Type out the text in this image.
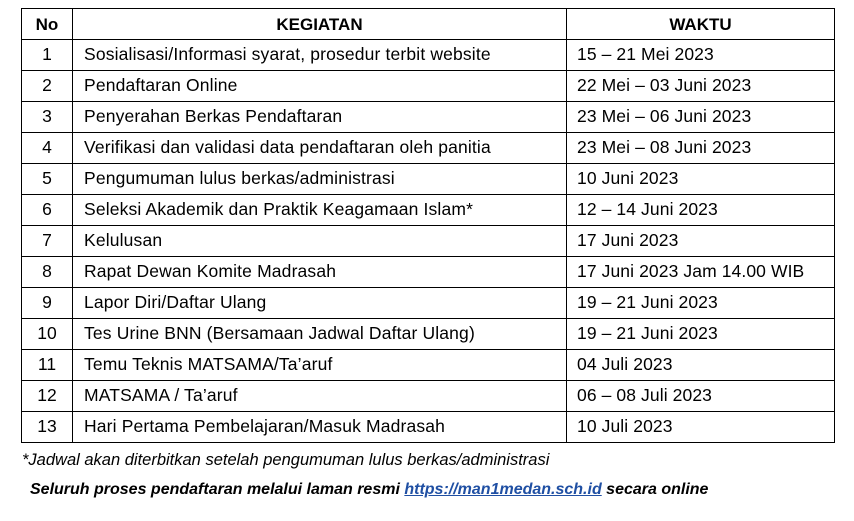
No	KEGIATAN	WAKTU
1	Sosialisasi/Informasi syarat, prosedur terbit website	15 – 21 Mei 2023
2	Pendaftaran Online	22 Mei – 03 Juni 2023
3	Penyerahan Berkas Pendaftaran	23 Mei – 06 Juni 2023
4	Verifikasi dan validasi data pendaftaran oleh panitia	23 Mei – 08 Juni 2023
5	Pengumuman lulus berkas/administrasi	10 Juni 2023
6	Seleksi Akademik dan Praktik Keagamaan Islam*	12 – 14 Juni 2023
7	Kelulusan	17 Juni 2023
8	Rapat Dewan Komite Madrasah	17 Juni 2023 Jam 14.00 WIB
9	Lapor Diri/Daftar Ulang	19 – 21 Juni 2023
10	Tes Urine BNN (Bersamaan Jadwal Daftar Ulang)	19 – 21 Juni 2023
11	Temu Teknis MATSAMA/Ta’aruf	04 Juli 2023
12	MATSAMA / Ta’aruf	06 – 08 Juli 2023
13	Hari Pertama Pembelajaran/Masuk Madrasah	10 Juli 2023
*Jadwal akan diterbitkan setelah pengumuman lulus berkas/administrasi
Seluruh proses pendaftaran melalui laman resmi https://man1medan.sch.id secara online
